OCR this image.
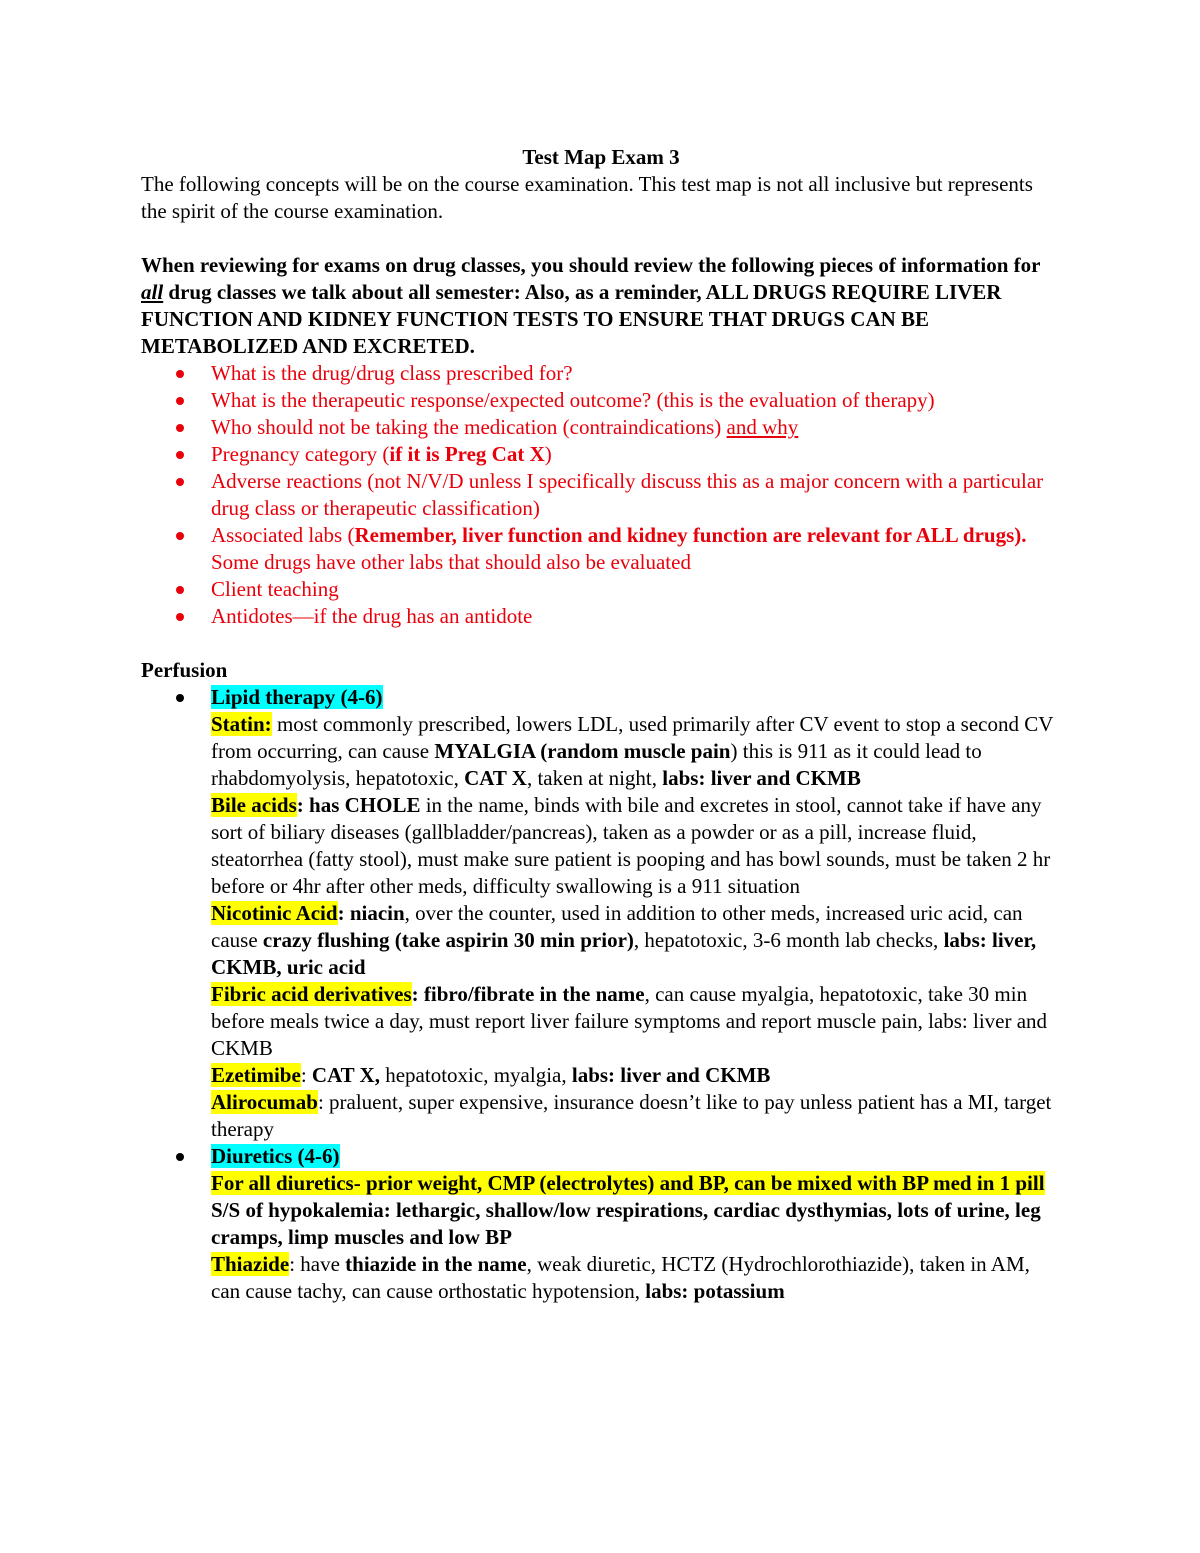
Test Map Exam 3

The following concepts will be on the course examination. This test map is not all inclusive but represents the spirit of the course examination.

When reviewing for exams on drug classes, you should review the following pieces of information for all drug classes we talk about all semester: Also, as a reminder, ALL DRUGS REQUIRE LIVER FUNCTION AND KIDNEY FUNCTION TESTS TO ENSURE THAT DRUGS CAN BE METABOLIZED AND EXCRETED.

What is the drug/drug class prescribed for?
What is the therapeutic response/expected outcome? (this is the evaluation of therapy)
Who should not be taking the medication (contraindications) and why
Pregnancy category (if it is Preg Cat X)
Adverse reactions (not N/V/D unless I specifically discuss this as a major concern with a particular drug class or therapeutic classification)
Associated labs (Remember, liver function and kidney function are relevant for ALL drugs). Some drugs have other labs that should also be evaluated
Client teaching
Antidotes—if the drug has an antidote

Perfusion

Lipid therapy (4-6)

Statin: most commonly prescribed, lowers LDL, used primarily after CV event to stop a second CV from occurring, can cause MYALGIA (random muscle pain) this is 911 as it could lead to rhabdomyolysis, hepatotoxic, CAT X, taken at night, labs: liver and CKMB

Bile acids: has CHOLE in the name, binds with bile and excretes in stool, cannot take if have any sort of biliary diseases (gallbladder/pancreas), taken as a powder or as a pill, increase fluid, steatorrhea (fatty stool), must make sure patient is pooping and has bowl sounds, must be taken 2 hr before or 4hr after other meds, difficulty swallowing is a 911 situation

Nicotinic Acid: niacin, over the counter, used in addition to other meds, increased uric acid, can cause crazy flushing (take aspirin 30 min prior), hepatotoxic, 3-6 month lab checks, labs: liver, CKMB, uric acid

Fibric acid derivatives: fibro/fibrate in the name, can cause myalgia, hepatotoxic, take 30 min before meals twice a day, must report liver failure symptoms and report muscle pain, labs: liver and CKMB

Ezetimibe: CAT X, hepatotoxic, myalgia, labs: liver and CKMB

Alirocumab: praluent, super expensive, insurance doesn’t like to pay unless patient has a MI, target therapy

Diuretics (4-6)

For all diuretics- prior weight, CMP (electrolytes) and BP, can be mixed with BP med in 1 pill

S/S of hypokalemia: lethargic, shallow/low respirations, cardiac dysthymias, lots of urine, leg cramps, limp muscles and low BP

Thiazide: have thiazide in the name, weak diuretic, HCTZ (Hydrochlorothiazide), taken in AM, can cause tachy, can cause orthostatic hypotension, labs: potassium
